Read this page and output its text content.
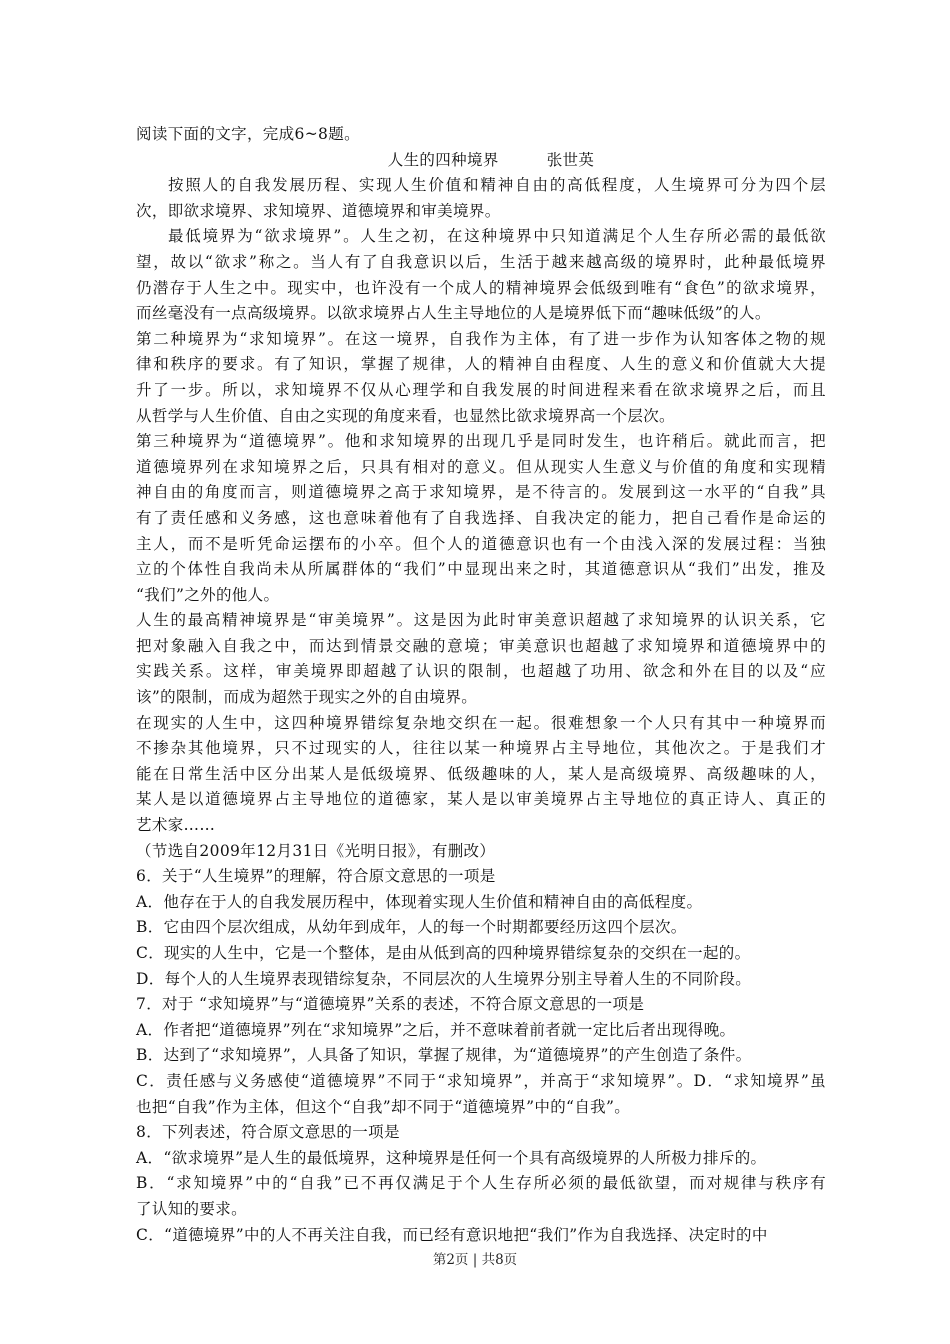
阅读下面的文字，完成6~8题。
人生的四种境界	张世英
按照人的自我发展历程、实现人生价值和精神自由的高低程度，人生境界可分为四个层
次，即欲求境界、求知境界、道德境界和审美境界。
最低境界为“欲求境界”。人生之初，在这种境界中只知道满足个人生存所必需的最低欲
望，故以“欲求”称之。当人有了自我意识以后，生活于越来越高级的境界时，此种最低境界
仍潜存于人生之中。现实中，也许没有一个成人的精神境界会低级到唯有“食色”的欲求境界，
而丝毫没有一点高级境界。以欲求境界占人生主导地位的人是境界低下而“趣味低级”的人。
第二种境界为“求知境界”。在这一境界，自我作为主体，有了进一步作为认知客体之物的规
律和秩序的要求。有了知识，掌握了规律，人的精神自由程度、人生的意义和价值就大大提
升了一步。所以，求知境界不仅从心理学和自我发展的时间进程来看在欲求境界之后，而且
从哲学与人生价值、自由之实现的角度来看，也显然比欲求境界高一个层次。
第三种境界为“道德境界”。他和求知境界的出现几乎是同时发生，也许稍后。就此而言，把
道德境界列在求知境界之后，只具有相对的意义。但从现实人生意义与价值的角度和实现精
神自由的角度而言，则道德境界之高于求知境界，是不待言的。发展到这一水平的“自我”具
有了责任感和义务感，这也意味着他有了自我选择、自我决定的能力，把自己看作是命运的
主人，而不是听凭命运摆布的小卒。但个人的道德意识也有一个由浅入深的发展过程：当独
立的个体性自我尚未从所属群体的“我们”中显现出来之时，其道德意识从“我们”出发，推及
“我们”之外的他人。
人生的最高精神境界是“审美境界”。这是因为此时审美意识超越了求知境界的认识关系，它
把对象融入自我之中，而达到情景交融的意境；审美意识也超越了求知境界和道德境界中的
实践关系。这样，审美境界即超越了认识的限制，也超越了功用、欲念和外在目的以及“应
该”的限制，而成为超然于现实之外的自由境界。
在现实的人生中，这四种境界错综复杂地交织在一起。很难想象一个人只有其中一种境界而
不掺杂其他境界，只不过现实的人，往往以某一种境界占主导地位，其他次之。于是我们才
能在日常生活中区分出某人是低级境界、低级趣味的人，某人是高级境界、高级趣味的人，
某人是以道德境界占主导地位的道德家，某人是以审美境界占主导地位的真正诗人、真正的
艺术家……
（节选自2009年12月31日《光明日报》，有删改）
6．关于“人生境界”的理解，符合原文意思的一项是
A．他存在于人的自我发展历程中，体现着实现人生价值和精神自由的高低程度。
B．它由四个层次组成，从幼年到成年，人的每一个时期都要经历这四个层次。
C．现实的人生中，它是一个整体，是由从低到高的四种境界错综复杂的交织在一起的。
D．每个人的人生境界表现错综复杂，不同层次的人生境界分别主导着人生的不同阶段。
7．对于 “求知境界”与“道德境界”关系的表述，不符合原文意思的一项是
A．作者把“道德境界”列在“求知境界”之后，并不意味着前者就一定比后者出现得晚。
B．达到了“求知境界”，人具备了知识，掌握了规律，为“道德境界”的产生创造了条件。
C．责任感与义务感使“道德境界”不同于“求知境界”，并高于“求知境界”。D．“求知境界”虽
也把“自我”作为主体，但这个“自我”却不同于“道德境界”中的“自我”。
8．下列表述，符合原文意思的一项是
A．“欲求境界”是人生的最低境界，这种境界是任何一个具有高级境界的人所极力排斥的。
B．“求知境界”中的“自我”已不再仅满足于个人生存所必须的最低欲望，而对规律与秩序有
了认知的要求。
C．“道德境界”中的人不再关注自我，而已经有意识地把“我们”作为自我选择、决定时的中
第2页 | 共8页
